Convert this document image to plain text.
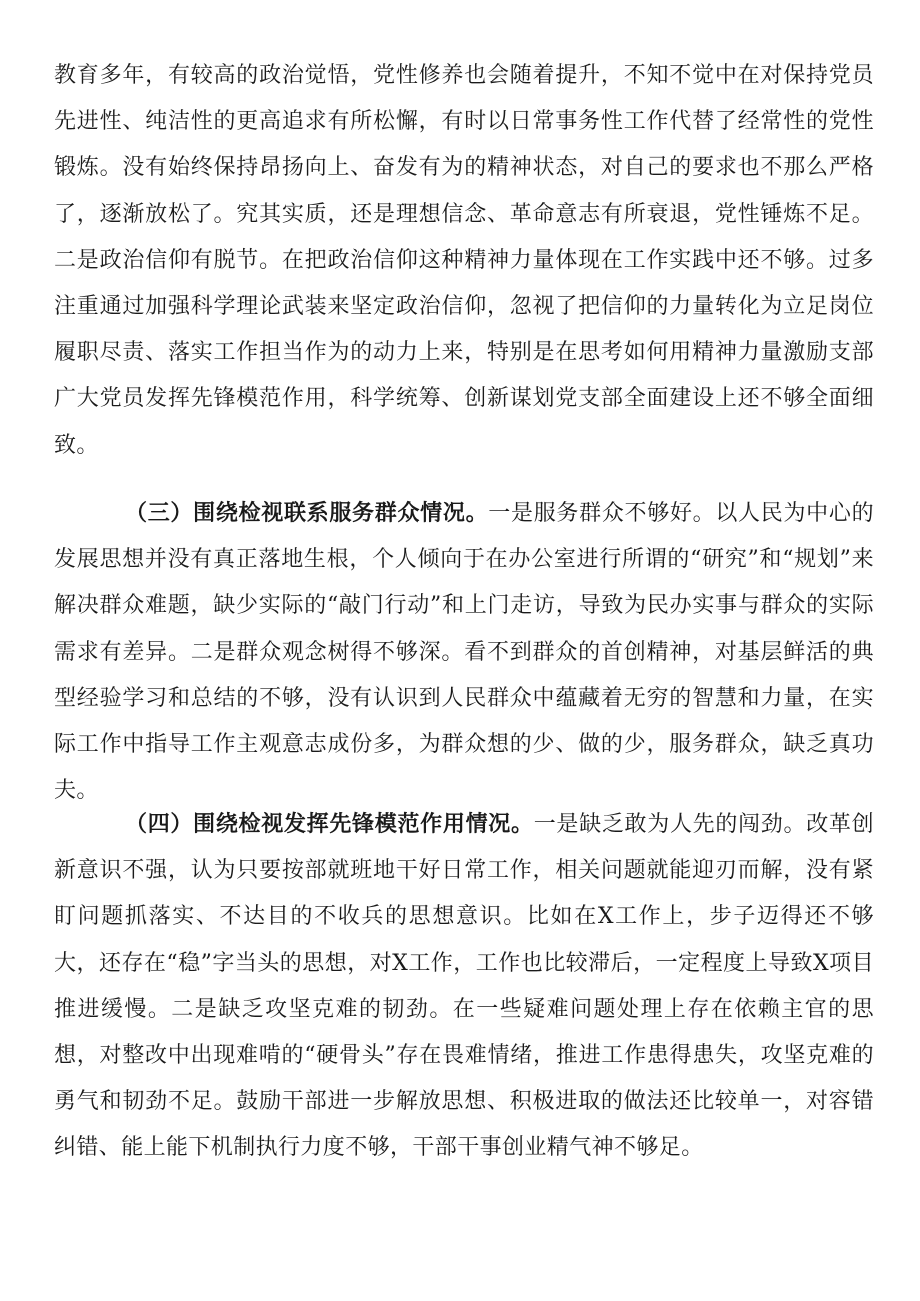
教育多年，有较高的政治觉悟，党性修养也会随着提升，不知不觉中在对保持党员先进性、纯洁性的更高追求有所松懈，有时以日常事务性工作代替了经常性的党性锻炼。没有始终保持昂扬向上、奋发有为的精神状态，对自己的要求也不那么严格了，逐渐放松了。究其实质，还是理想信念、革命意志有所衰退，党性锤炼不足。二是政治信仰有脱节。在把政治信仰这种精神力量体现在工作实践中还不够。过多注重通过加强科学理论武装来坚定政治信仰，忽视了把信仰的力量转化为立足岗位履职尽责、落实工作担当作为的动力上来，特别是在思考如何用精神力量激励支部广大党员发挥先锋模范作用，科学统筹、创新谋划党支部全面建设上还不够全面细致。

（三）围绕检视联系服务群众情况。一是服务群众不够好。以人民为中心的发展思想并没有真正落地生根，个人倾向于在办公室进行所谓的“研究”和“规划”来解决群众难题，缺少实际的“敲门行动”和上门走访，导致为民办实事与群众的实际需求有差异。二是群众观念树得不够深。看不到群众的首创精神，对基层鲜活的典型经验学习和总结的不够，没有认识到人民群众中蕴藏着无穷的智慧和力量，在实际工作中指导工作主观意志成份多，为群众想的少、做的少，服务群众，缺乏真功夫。

（四）围绕检视发挥先锋模范作用情况。一是缺乏敢为人先的闯劲。改革创新意识不强，认为只要按部就班地干好日常工作，相关问题就能迎刃而解，没有紧盯问题抓落实、不达目的不收兵的思想意识。比如在X工作上，步子迈得还不够大，还存在“稳”字当头的思想，对X工作，工作也比较滞后，一定程度上导致X项目推进缓慢。二是缺乏攻坚克难的韧劲。在一些疑难问题处理上存在依赖主官的思想，对整改中出现难啃的“硬骨头”存在畏难情绪，推进工作患得患失，攻坚克难的勇气和韧劲不足。鼓励干部进一步解放思想、积极进取的做法还比较单一，对容错纠错、能上能下机制执行力度不够，干部干事创业精气神不够足。
